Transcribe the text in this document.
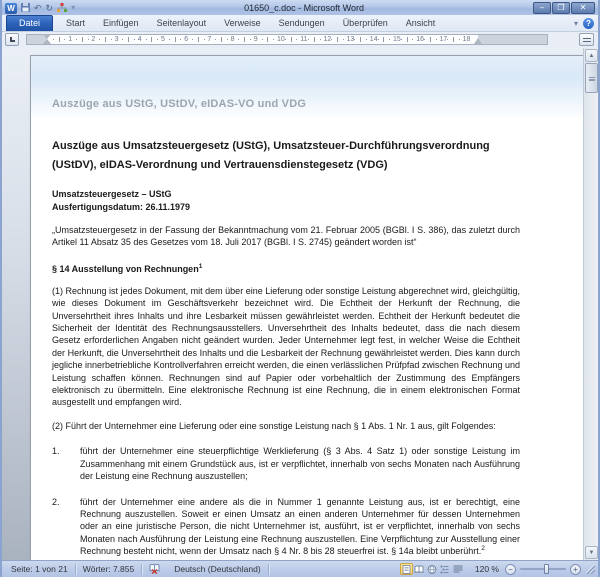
W ↶ ↻ ▾	01650_c.doc - Microsoft Word	–	❐	✕
Datei	Start	Einfügen	Seitenlayout	Verweise	Sendungen	Überprüfen	Ansicht	▾	?
1	2	3	4	5	6	7	8	9	10 11 12 13 14 15 16 17 18
Auszüge aus UStG, UStDV, eIDAS-VO und VDG
Auszüge aus Umsatzsteuergesetz (UStG), Umsatzsteuer-Durchführungsverordnung (UStDV), eIDAS-Verordnung und Vertrauensdienstegesetz (VDG)
Umsatzsteuergesetz – UStG
Ausfertigungsdatum: 26.11.1979
„Umsatzsteuergesetz in der Fassung der Bekanntmachung vom 21. Februar 2005 (BGBl. I S. 386), das zuletzt durch Artikel 11 Absatz 35 des Gesetzes vom 18. Juli 2017 (BGBl. I S. 2745) geändert worden ist“
§ 14 Ausstellung von Rechnungen$^1$
(1) Rechnung ist jedes Dokument, mit dem über eine Lieferung oder sonstige Leistung abgerechnet wird, gleichgültig, wie dieses Dokument im Geschäftsverkehr bezeichnet wird. Die Echtheit der Herkunft der Rechnung, die Unversehrtheit ihres Inhalts und ihre Lesbarkeit müssen gewährleistet werden. Echtheit der Herkunft bedeutet die Sicherheit der Identität des Rechnungsausstellers. Unversehrtheit des Inhalts bedeutet, dass die nach diesem Gesetz erforderlichen Angaben nicht geändert wurden. Jeder Unternehmer legt fest, in welcher Weise die Echtheit der Herkunft, die Unversehrtheit des Inhalts und die Lesbarkeit der Rechnung gewährleistet werden. Dies kann durch jegliche innerbetriebliche Kontrollverfahren erreicht werden, die einen verlässlichen Prüfpfad zwischen Rechnung und Leistung schaffen können. Rechnungen sind auf Papier oder vorbehaltlich der Zustimmung des Empfängers elektronisch zu übermitteln. Eine elektronische Rechnung ist eine Rechnung, die in einem elektronischen Format ausgestellt und empfangen wird.
(2) Führt der Unternehmer eine Lieferung oder eine sonstige Leistung nach § 1 Abs. 1 Nr. 1 aus, gilt Folgendes:
1.	führt der Unternehmer eine steuerpflichtige Werklieferung (§ 3 Abs. 4 Satz 1) oder sonstige Leistung im Zusammenhang mit einem Grundstück aus, ist er verpflichtet, innerhalb von sechs Monaten nach Ausführung der Leistung eine Rechnung auszustellen;
2.	führt der Unternehmer eine andere als die in Nummer 1 genannte Leistung aus, ist er berechtigt, eine Rechnung auszustellen. Soweit er einen Umsatz an einen anderen Unternehmer für dessen Unternehmen oder an eine juristische Person, die nicht Unternehmer ist, ausführt, ist er verpflichtet, innerhalb von sechs Monaten nach Ausführung der Leistung eine Rechnung auszustellen. Eine Verpflichtung zur Ausstellung einer Rechnung besteht nicht, wenn der Umsatz nach § 4 Nr. 8 bis 28 steuerfrei ist. § 14a bleibt unberührt.$^2$
▲
▼
Seite: 1 von 21	Wörter: 7.855	Deutsch (Deutschland)	120 %	−	+
